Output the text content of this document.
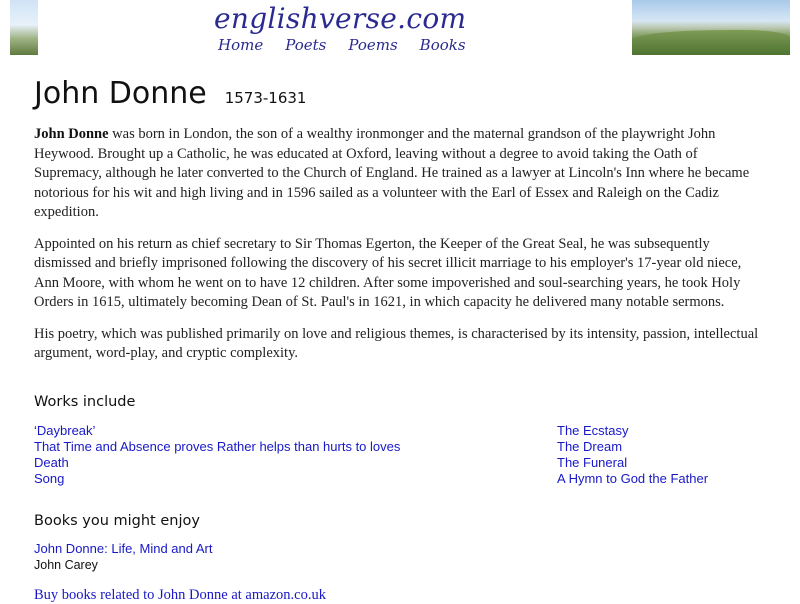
englishverse.com
Home Poets Poems Books
John Donne 1573-1631

John Donne was born in London, the son of a wealthy ironmonger and the maternal grandson of the playwright John Heywood. Brought up a Catholic, he was educated at Oxford, leaving without a degree to avoid taking the Oath of Supremacy, although he later converted to the Church of England. He trained as a lawyer at Lincoln's Inn where he became notorious for his wit and high living and in 1596 sailed as a volunteer with the Earl of Essex and Raleigh on the Cadiz expedition.

Appointed on his return as chief secretary to Sir Thomas Egerton, the Keeper of the Great Seal, he was subsequently dismissed and briefly imprisoned following the discovery of his secret illicit marriage to his employer's 17-year old niece, Ann Moore, with whom he went on to have 12 children. After some impoverished and soul-searching years, he took Holy Orders in 1615, ultimately becoming Dean of St. Paul's in 1621, in which capacity he delivered many notable sermons.

His poetry, which was published primarily on love and religious themes, is characterised by its intensity, passion, intellectual argument, word-play, and cryptic complexity.

Works include
‘Daybreak’
That Time and Absence proves Rather helps than hurts to loves
Death
Song
The Ecstasy
The Dream
The Funeral
A Hymn to God the Father
Books you might enjoy
John Donne: Life, Mind and Art
John Carey
Buy books related to John Donne at amazon.co.uk
